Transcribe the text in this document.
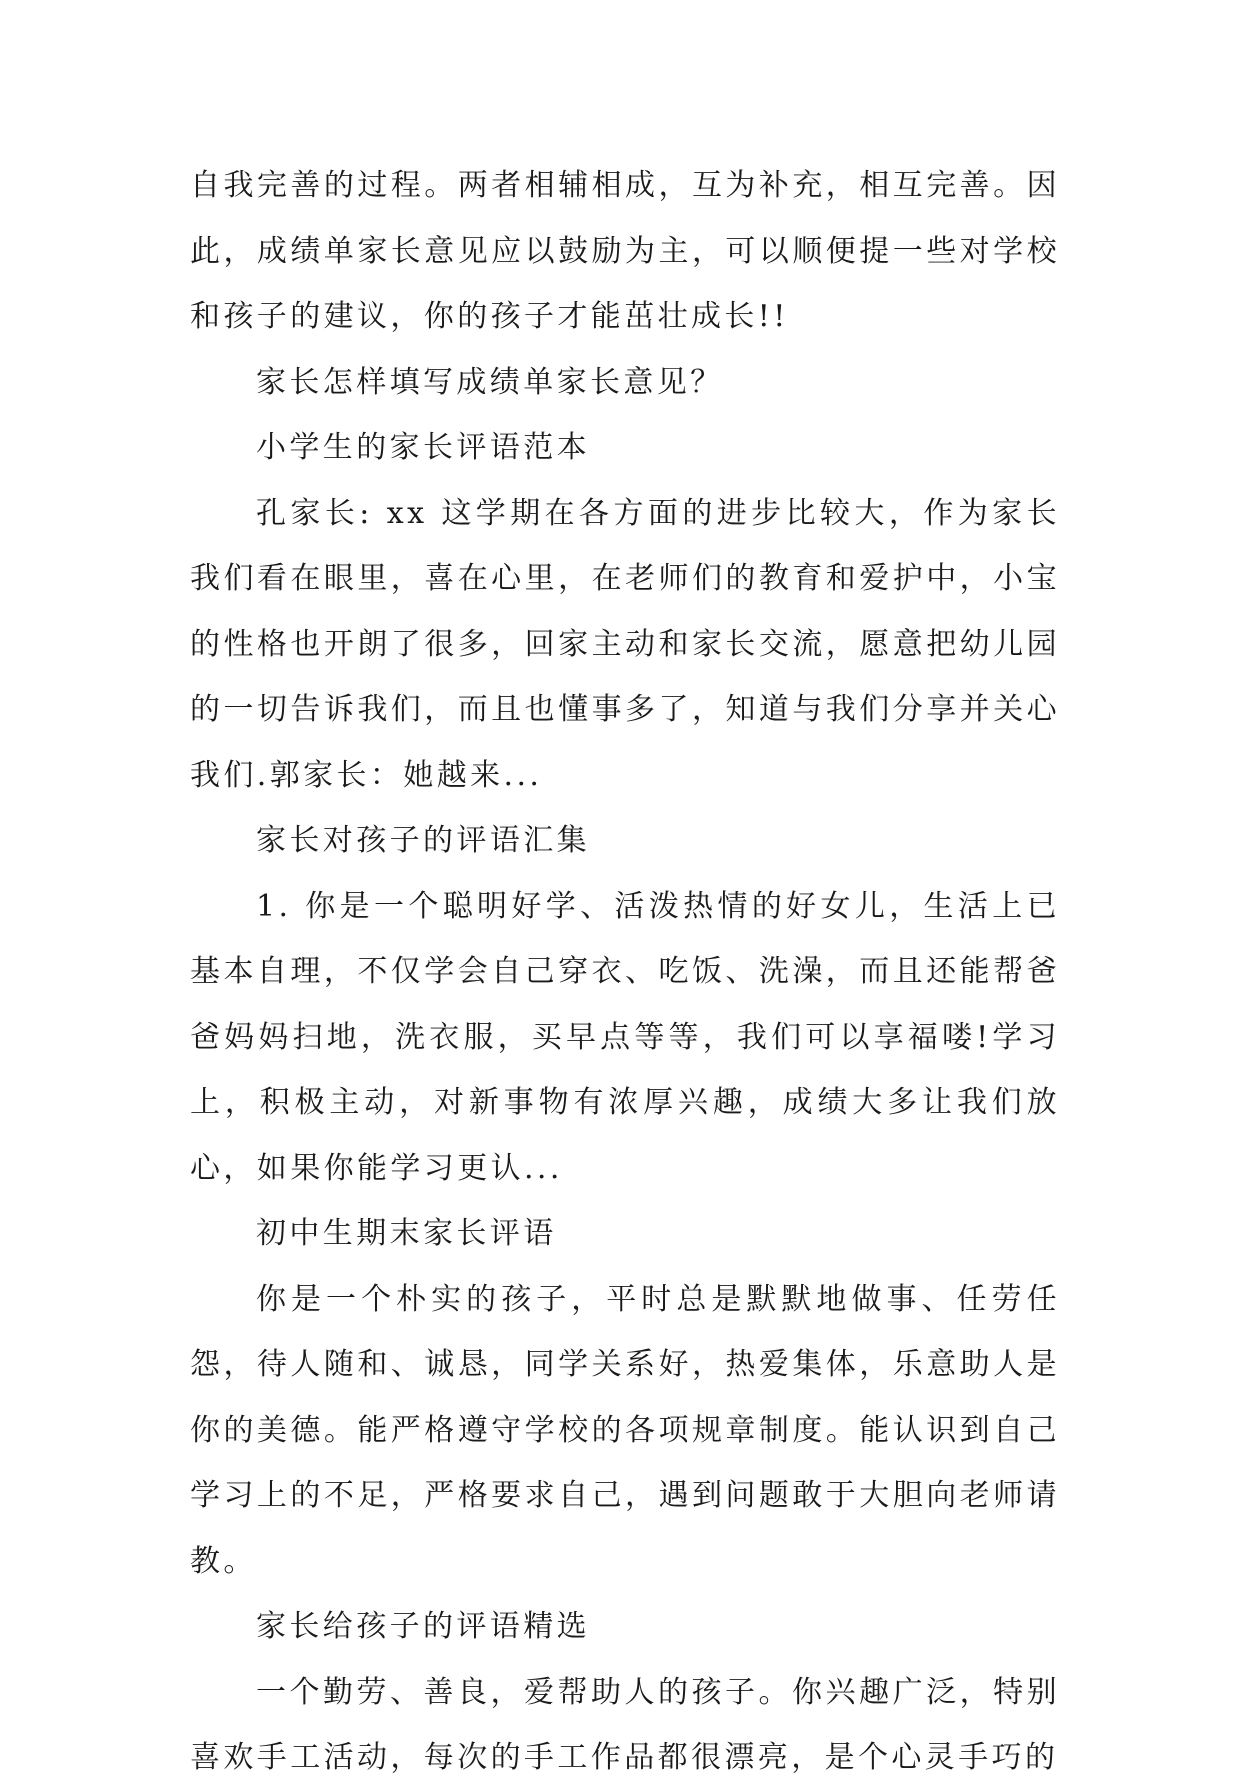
自我完善的过程。两者相辅相成，互为补充，相互完善。因此，成绩单家长意见应以鼓励为主，可以顺便提一些对学校和孩子的建议，你的孩子才能茁壮成长!!

家长怎样填写成绩单家长意见？

小学生的家长评语范本

孔家长: xx 这学期在各方面的进步比较大，作为家长我们看在眼里，喜在心里，在老师们的教育和爱护中，小宝的性格也开朗了很多，回家主动和家长交流，愿意把幼儿园的一切告诉我们，而且也懂事多了，知道与我们分享并关心我们.郭家长：她越来...

家长对孩子的评语汇集

1. 你是一个聪明好学、活泼热情的好女儿，生活上已基本自理，不仅学会自己穿衣、吃饭、洗澡，而且还能帮爸爸妈妈扫地，洗衣服，买早点等等，我们可以享福喽!学习上，积极主动，对新事物有浓厚兴趣，成绩大多让我们放心，如果你能学习更认...

初中生期末家长评语

你是一个朴实的孩子，平时总是默默地做事、任劳任怨，待人随和、诚恳，同学关系好，热爱集体，乐意助人是你的美德。能严格遵守学校的各项规章制度。能认识到自己学习上的不足，严格要求自己，遇到问题敢于大胆向老师请教。

家长给孩子的评语精选

一个勤劳、善良，爱帮助人的孩子。你兴趣广泛，特别喜欢手工活动，每次的手工作品都很漂亮，是个心灵手巧的
